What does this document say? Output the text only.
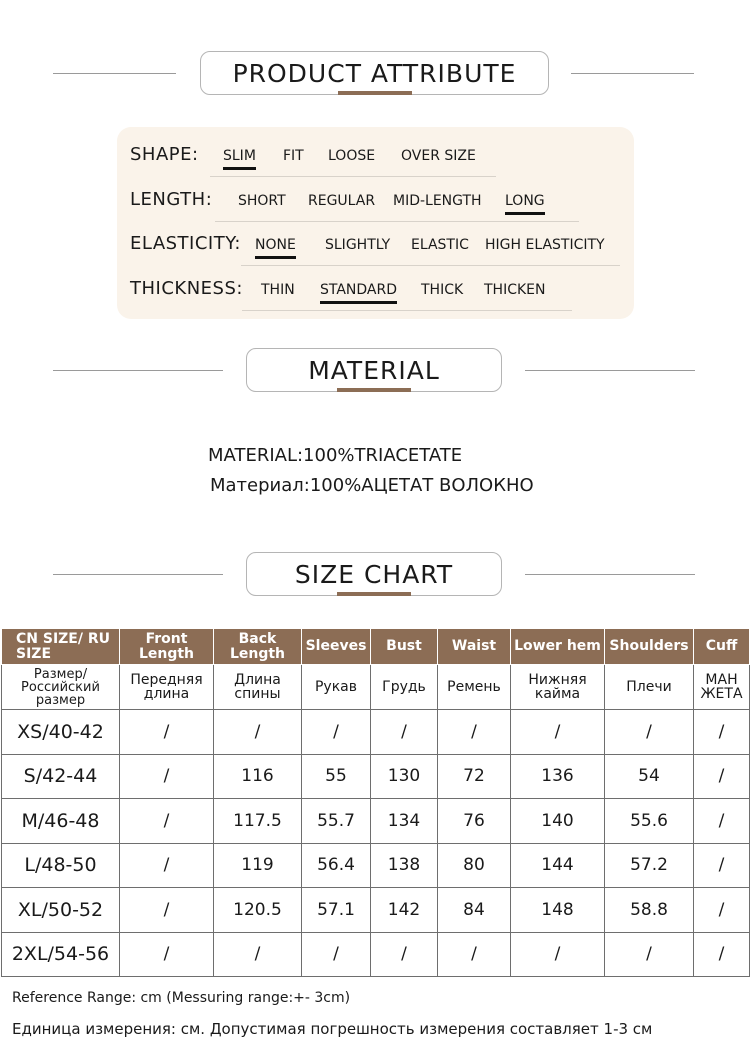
PRODUCT ATTRIBUTE
SHAPE: SLIM FIT LOOSE OVER SIZE
LENGTH: SHORT REGULAR MID-LENGTH LONG
ELASTICITY: NONE SLIGHTLY ELASTIC HIGH ELASTICITY
THICKNESS: THIN STANDARD THICK THICKEN
MATERIAL
MATERIAL:100%TRIACETATE
Материал:100%АЦЕТАТ ВОЛОКНО
SIZE CHART
CN SIZE/ RU SIZE	Front Length	Back Length	Sleeves	Bust	Waist	Lower hem	Shoulders	Cuff
Размер/ Российский размер	Передняя длина	Длина спины	Рукав	Грудь	Ремень	Нижняя кайма	Плечи	МАН ЖЕТА
XS/40-42	/	/	/	/	/	/	/	/
S/42-44	/	116	55	130	72	136	54	/
M/46-48	/	117.5	55.7	134	76	140	55.6	/
L/48-50	/	119	56.4	138	80	144	57.2	/
XL/50-52	/	120.5	57.1	142	84	148	58.8	/
2XL/54-56	/	/	/	/	/	/	/	/
Reference Range: cm (Messuring range:+- 3cm)
Единица измерения: см. Допустимая погрешность измерения составляет 1-3 см
